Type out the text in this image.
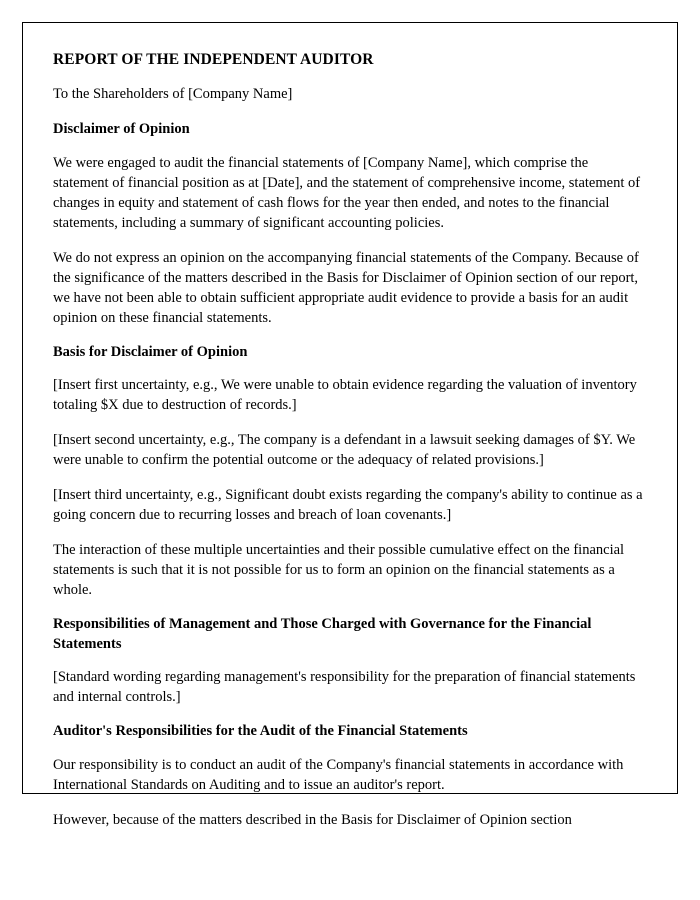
REPORT OF THE INDEPENDENT AUDITOR
To the Shareholders of [Company Name]
Disclaimer of Opinion

We were engaged to audit the financial statements of [Company Name], which comprise the statement of financial position as at [Date], and the statement of comprehensive income, statement of changes in equity and statement of cash flows for the year then ended, and notes to the financial statements, including a summary of significant accounting policies.

We do not express an opinion on the accompanying financial statements of the Company. Because of the significance of the matters described in the Basis for Disclaimer of Opinion section of our report, we have not been able to obtain sufficient appropriate audit evidence to provide a basis for an audit opinion on these financial statements.

Basis for Disclaimer of Opinion

[Insert first uncertainty, e.g., We were unable to obtain evidence regarding the valuation of inventory totaling $X due to destruction of records.]

[Insert second uncertainty, e.g., The company is a defendant in a lawsuit seeking damages of $Y. We were unable to confirm the potential outcome or the adequacy of related provisions.]

[Insert third uncertainty, e.g., Significant doubt exists regarding the company's ability to continue as a going concern due to recurring losses and breach of loan covenants.]

The interaction of these multiple uncertainties and their possible cumulative effect on the financial statements is such that it is not possible for us to form an opinion on the financial statements as a whole.

Responsibilities of Management and Those Charged with Governance for the Financial Statements

[Standard wording regarding management's responsibility for the preparation of financial statements and internal controls.]

Auditor's Responsibilities for the Audit of the Financial Statements

Our responsibility is to conduct an audit of the Company's financial statements in accordance with International Standards on Auditing and to issue an auditor's report.

However, because of the matters described in the Basis for Disclaimer of Opinion section
